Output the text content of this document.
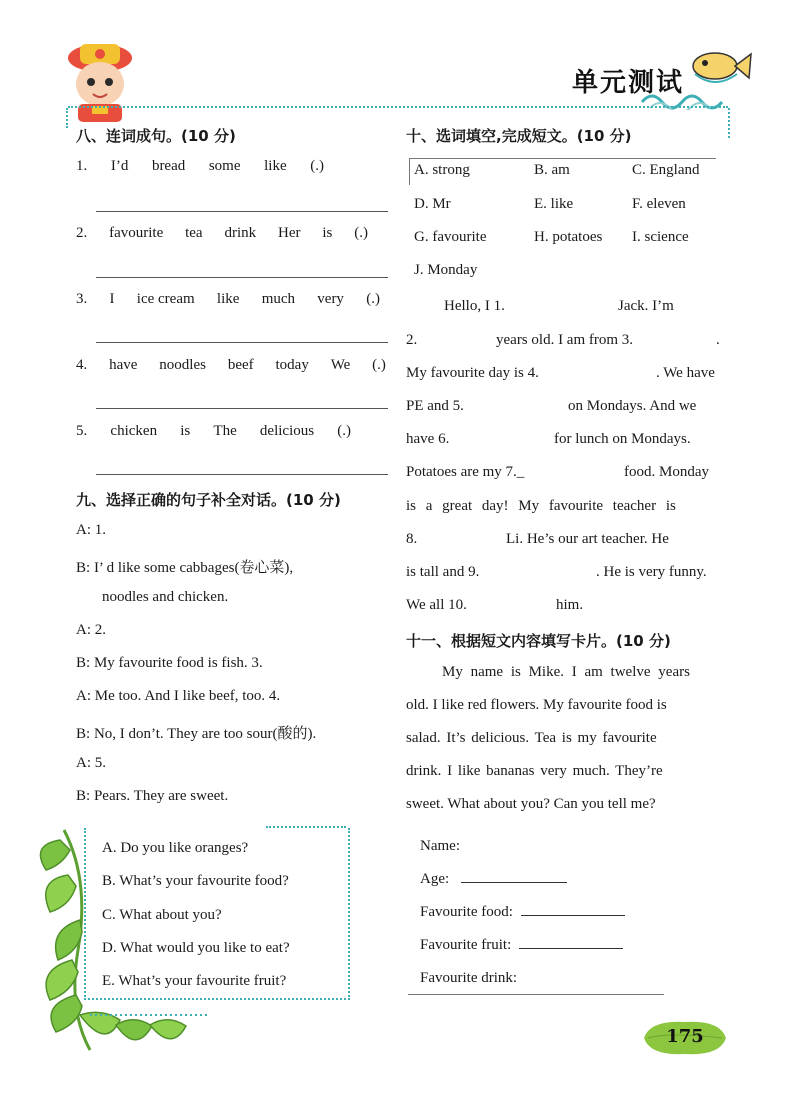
单元测试
八、连词成句。(10 分)
1. I’d bread some like (.)
2. favourite tea drink Her is (.)
3. I ice cream like much very (.)
4. have noodles beef today We (.)
5. chicken is The delicious (.)
九、选择正确的句子补全对话。(10 分)
A: 1.
B: I’ d like some cabbages(卷心菜),
noodles and chicken.
A: 2.
B: My favourite food is fish. 3.
A: Me too. And I like beef, too. 4.
B: No, I don’t. They are too sour(酸的).
A: 5.
B: Pears. They are sweet.
A. Do you like oranges?
B. What’s your favourite food?
C. What about you?
D. What would you like to eat?
E. What’s your favourite fruit?
十、选词填空,完成短文。(10 分)
A. strong	B. am	C. England
D. Mr	E. like	F. eleven
G. favourite	H. potatoes I. science
J. Monday
Hello, I 1.	Jack. I’m
2.	years old. I am from 3.	.
My favourite day is 4.	. We have
PE and 5.	on Mondays. And we
have 6.	for lunch on Mondays.
Potatoes are my 7._	food. Monday
is a great day! My favourite teacher is
8.	Li. He’s our art teacher. He
is tall and 9.	. He is very funny.
We all 10.	him.
十一、根据短文内容填写卡片。(10 分)
My name is Mike. I am twelve years
old. I like red flowers. My favourite food is
salad. It’s delicious. Tea is my favourite
drink. I like bananas very much. They’re
sweet. What about you? Can you tell me?
Name:
Age:
Favourite food:
Favourite fruit:
Favourite drink:
175
